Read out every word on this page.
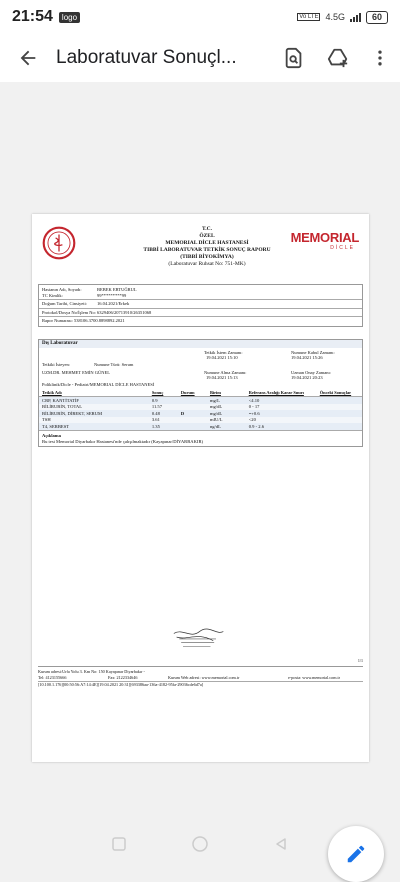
21:54	logo	Vo LTE 4.5G	60
Laboratuvar Sonuçl...
T.C.
ÖZEL
MEMORIAL DİCLE HASTANESİ
TIBBİ LABORATUVAR TETKİK SONUÇ RAPORU
(TIBBİ BİYOKİMYA)
(Laboratuvar Ruhsat No: 751-MK)
MEMORIAL
DİCLE
Hastanın Adı, Soyadı:	BEBEK ERTUĞRUL
TC Kimlik:	99*********99
Doğum Tarihi, Cinsiyeti:	16.04.2021/Erkek
Protokol/Dosya No/İşlem No: 6329406/20713910/26351068
Rapor Numarası: 538106.3700.8898892.2021
Dış Laboratuvar
Tetkiki İsteyen:	Numune Türü: Serum
UZM.DR. MEHMET EMİN GÜNEL
Poliklinik/Dicle - Pediatri/MEMORIAL DİCLE HASTANESİ
Tetkik İstem Zamanı:
19.04.2021 15:10
Numune Kabul Zamanı:
19.04.2021 15:26
Numune Alma Zamanı:
19.04.2021 15:13
Uzman Onay Zamanı:
19.04.2021 20:23
Tetkik Adı	Sonuç	Durum	Birim	Referans Aralığı Karar Sınırı	Önceki Sonuçlar
CRP, KANTİTATİF	0.9		mg/L	<4.10	
BİLİRUBİN, TOTAL	11.57		mg/dL	0 - 17	
BİLİRUBİN, DİREKT, SERUM	0.48	D	mg/dL	=+0.6	
TSH	3.61		mIU/L	<20	
T4, SERBEST	1.35		ng/dL	0.9 - 2.6	
Açıklama
Bu test Memorial Diyarbakır Hastanesi'nde çalışılmaktadır (Kayapınar/DİYARBAKIR)
1/1
Kurum adresi:Urfa Yolu 3. Km No: 150 Kayapınar Diyarbakır -
Tel: 4123155666	Fax: 2122334646	Kurum Web adresi: www.memorial.com.tr	e-posta: www.memorial.com.tr
[10.100.1.176][00:50:56:A7:14:4E][19.04.2021 20:31][693386aa-136a-4182-95fa-29036cde6d7a]
